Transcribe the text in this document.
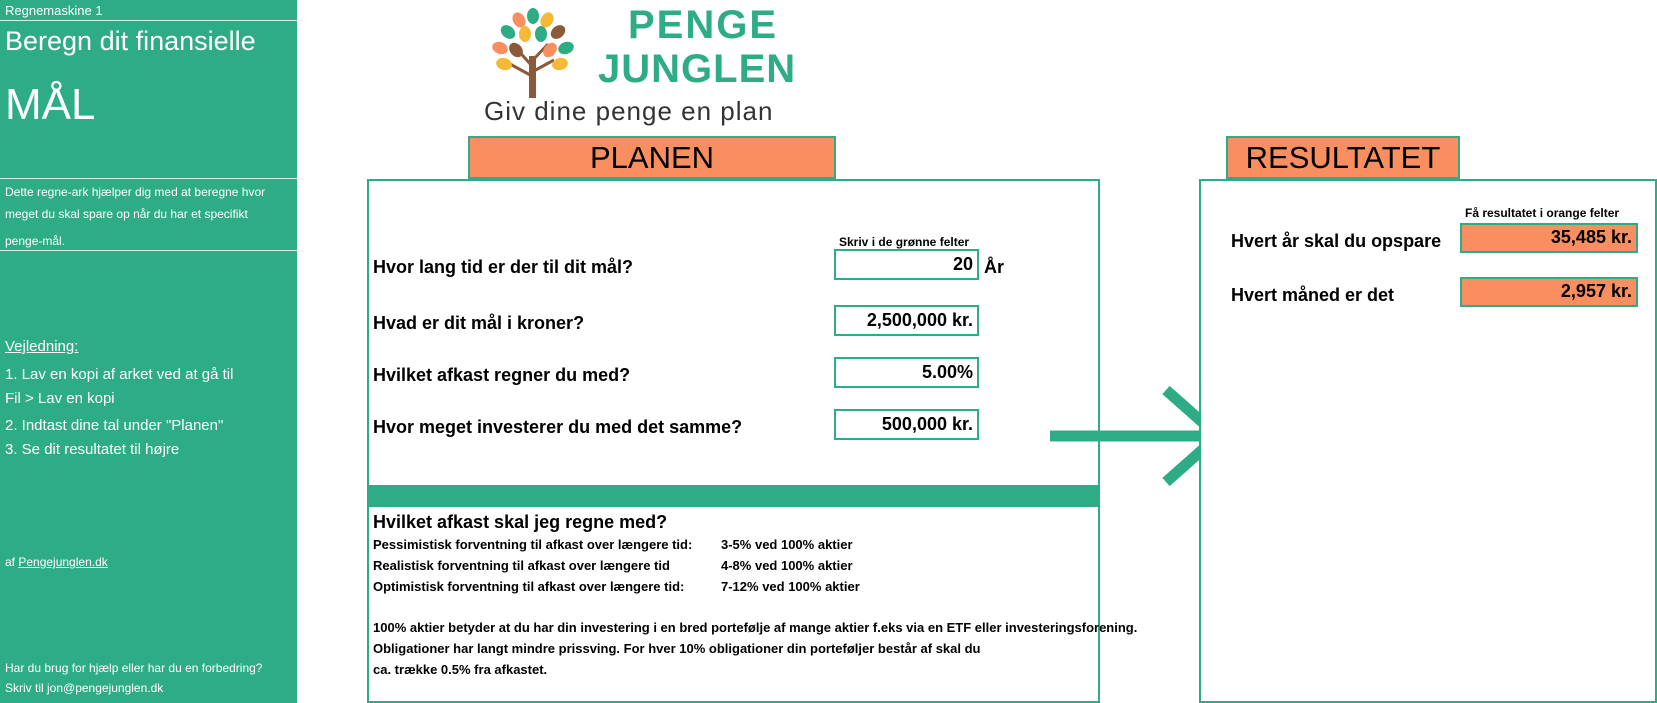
Regnemaskine 1
Beregn dit finansielle
MÅL
Dette regne-ark hjælper dig med at beregne hvor
meget du skal spare op når du har et specifikt
penge-mål.
Vejledning:
1. Lav en kopi af arket ved at gå til
Fil > Lav en kopi
2. Indtast dine tal under "Planen"
3. Se dit resultatet til højre
af Pengejunglen.dk
Har du brug for hjælp eller har du en forbedring?
Skriv til jon@pengejunglen.dk
PENGE
JUNGLEN
Giv dine penge en plan
PLANEN
Skriv i de grønne felter
Hvor lang tid er der til dit mål?	20 År
Hvad er dit mål i kroner?	2,500,000 kr.
Hvilket afkast regner du med?	5.00%
Hvor meget investerer du med det samme?	500,000 kr.
Hvilket afkast skal jeg regne med?
Pessimistisk forventning til afkast over længere tid: 3-5% ved 100% aktier
Realistisk forventning til afkast over længere tid	4-8% ved 100% aktier
Optimistisk forventning til afkast over længere tid:	7-12% ved 100% aktier
100% aktier betyder at du har din investering i en bred portefølje af mange aktier f.eks via en ETF eller investeringsforening.
Obligationer har langt mindre prissving. For hver 10% obligationer din porteføljer består af skal du
ca. trække 0.5% fra afkastet.
RESULTATET
Få resultatet i orange felter
Hvert år skal du opspare	35,485 kr.
Hvert måned er det	2,957 kr.
